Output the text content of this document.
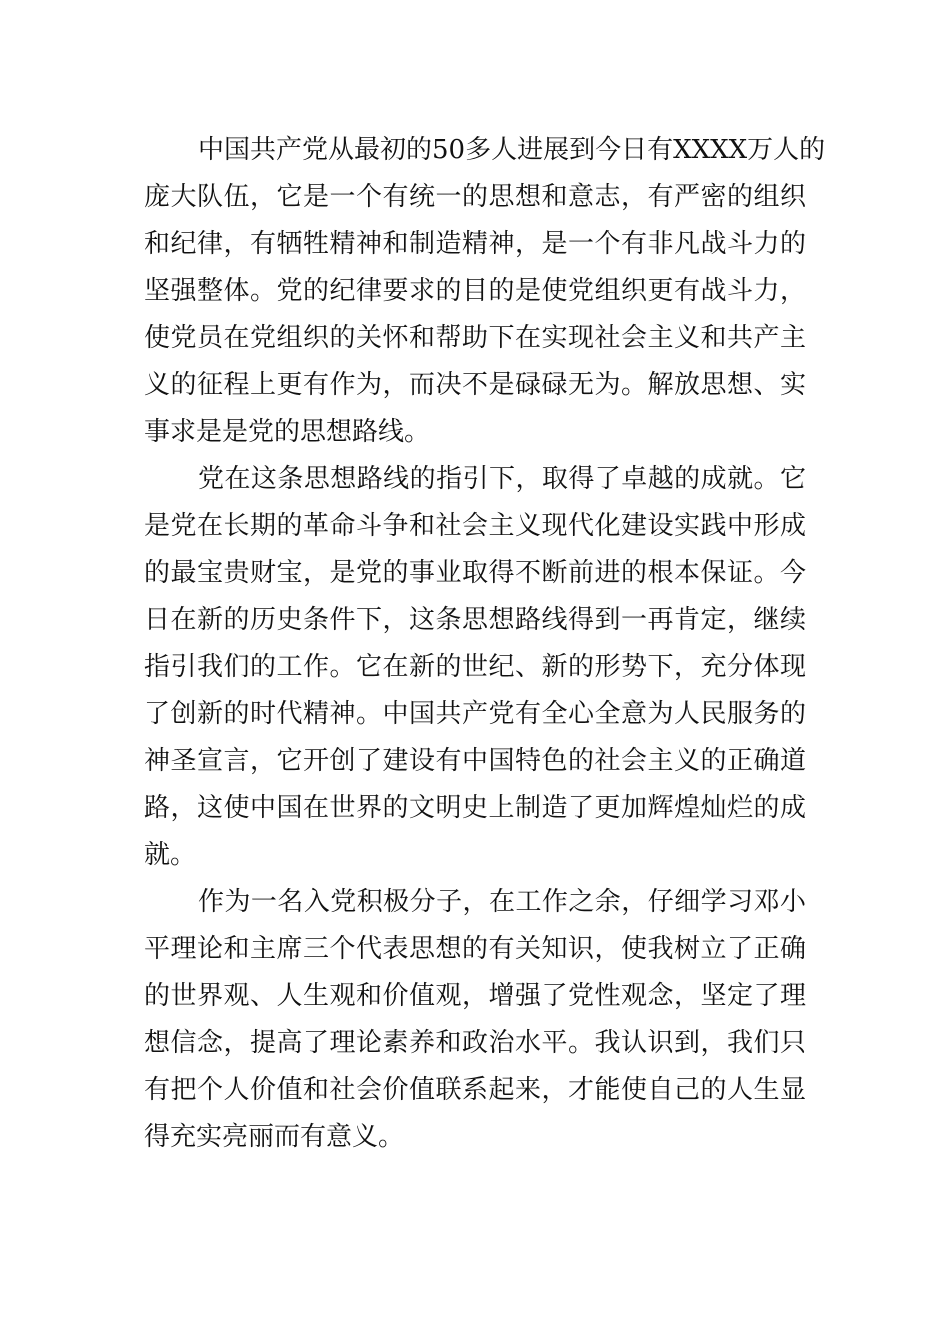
中国共产党从最初的50多人进展到今日有XXXX万人的
庞大队伍，它是一个有统一的思想和意志，有严密的组织
和纪律，有牺牲精神和制造精神，是一个有非凡战斗力的
坚强整体。党的纪律要求的目的是使党组织更有战斗力，
使党员在党组织的关怀和帮助下在实现社会主义和共产主
义的征程上更有作为，而决不是碌碌无为。解放思想、实
事求是是党的思想路线。
党在这条思想路线的指引下，取得了卓越的成就。它
是党在长期的革命斗争和社会主义现代化建设实践中形成
的最宝贵财宝，是党的事业取得不断前进的根本保证。今
日在新的历史条件下，这条思想路线得到一再肯定，继续
指引我们的工作。它在新的世纪、新的形势下，充分体现
了创新的时代精神。中国共产党有全心全意为人民服务的
神圣宣言，它开创了建设有中国特色的社会主义的正确道
路，这使中国在世界的文明史上制造了更加辉煌灿烂的成
就。
作为一名入党积极分子，在工作之余，仔细学习邓小
平理论和主席三个代表思想的有关知识，使我树立了正确
的世界观、人生观和价值观，增强了党性观念，坚定了理
想信念，提高了理论素养和政治水平。我认识到，我们只
有把个人价值和社会价值联系起来，才能使自己的人生显
得充实亮丽而有意义。
